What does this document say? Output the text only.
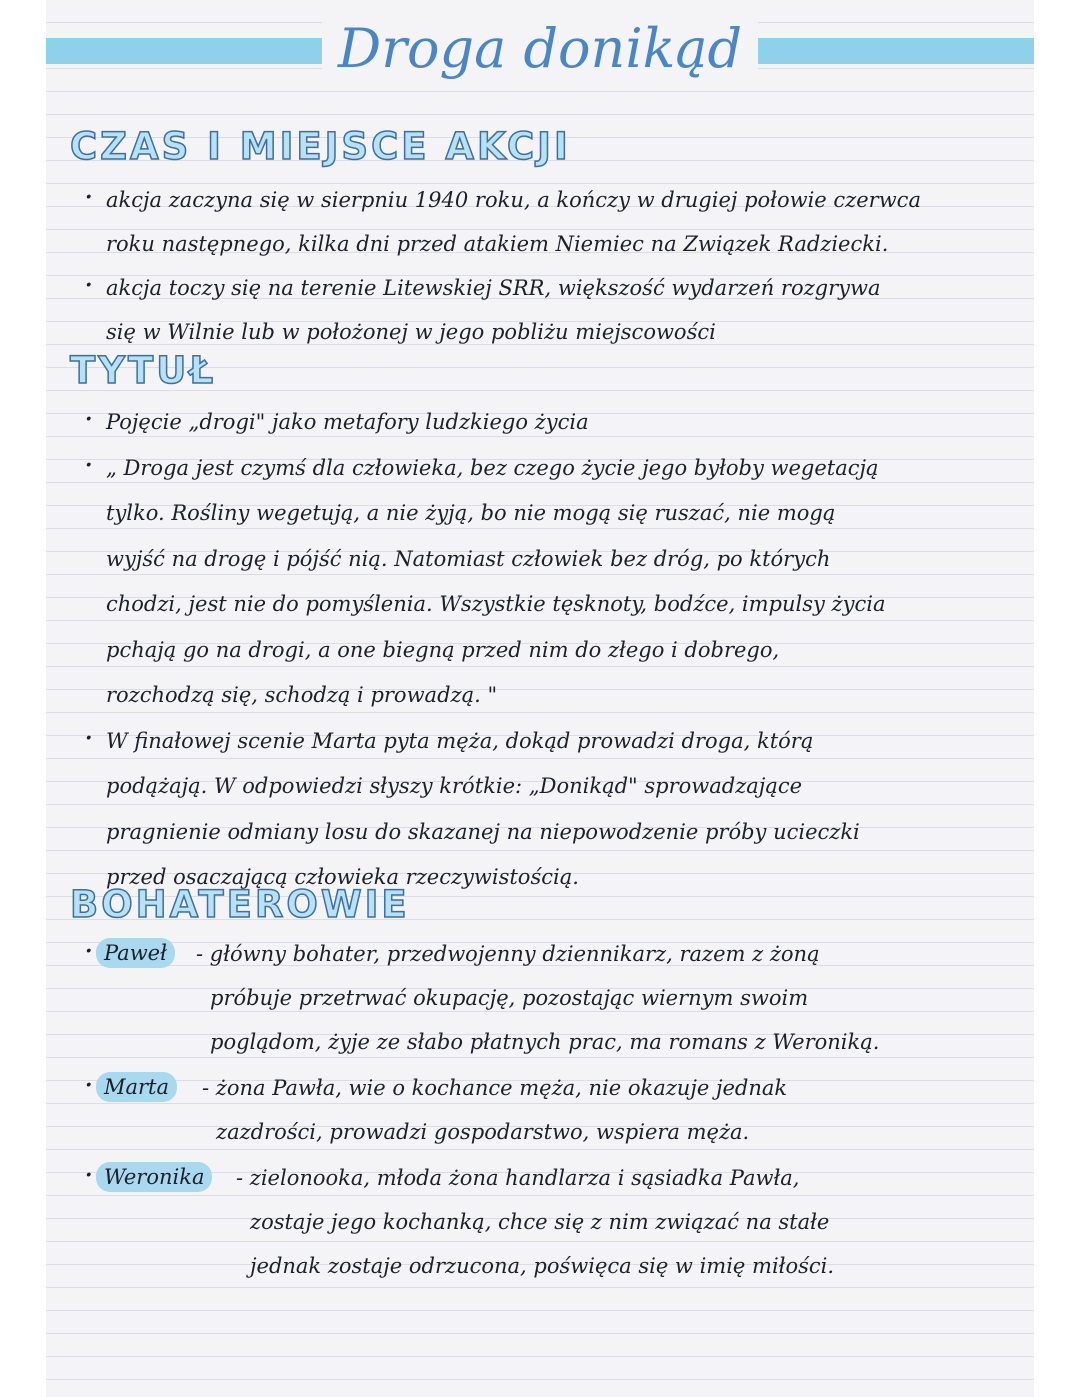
Droga donikąd
CZAS I MIEJSCE AKCJI

· akcja zaczyna się w sierpniu 1940 roku, a kończy w drugiej połowie czerwca

roku następnego, kilka dni przed atakiem Niemiec na Związek Radziecki.

· akcja toczy się na terenie Litewskiej SRR, większość wydarzeń rozgrywa

się w Wilnie lub w położonej w jego pobliżu miejscowości

TYTUŁ

· Pojęcie „drogi" jako metafory ludzkiego życia

· „ Droga jest czymś dla człowieka, bez czego życie jego byłoby wegetacją

tylko. Rośliny wegetują, a nie żyją, bo nie mogą się ruszać, nie mogą

wyjść na drogę i pójść nią. Natomiast człowiek bez dróg, po których

chodzi, jest nie do pomyślenia. Wszystkie tęsknoty, bodźce, impulsy życia

pchają go na drogi, a one biegną przed nim do złego i dobrego,

rozchodzą się, schodzą i prowadzą. "

· W finałowej scenie Marta pyta męża, dokąd prowadzi droga, którą

podążają. W odpowiedzi słyszy krótkie: „Donikąd" sprowadzające

pragnienie odmiany losu do skazanej na niepowodzenie próby ucieczki

przed osaczającą człowieka rzeczywistością.

BOHATEROWIE
· Paweł	- główny bohater, przedwojenny dziennikarz, razem z żoną

próbuje przetrwać okupację, pozostając wiernym swoim

poglądom, żyje ze słabo płatnych prac, ma romans z Weroniką.

· Marta	- żona Pawła, wie o kochance męża, nie okazuje jednak

zazdrości, prowadzi gospodarstwo, wspiera męża.

· Weronika	- zielonooka, młoda żona handlarza i sąsiadka Pawła,

zostaje jego kochanką, chce się z nim związać na stałe

jednak zostaje odrzucona, poświęca się w imię miłości.
